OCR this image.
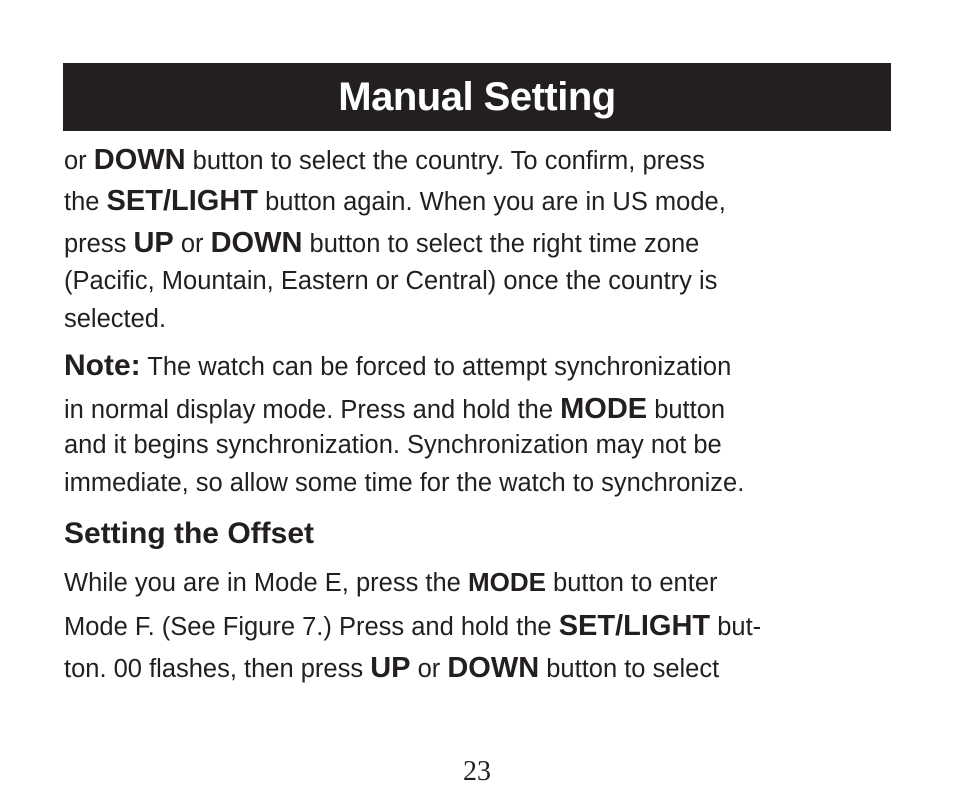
Manual Setting
or DOWN button to select the country. To confirm, press
the SET/LIGHT button again. When you are in US mode,
press UP or DOWN button to select the right time zone
(Pacific, Mountain, Eastern or Central) once the country is
selected.
Note: The watch can be forced to attempt synchronization
in normal display mode. Press and hold the MODE button
and it begins synchronization. Synchronization may not be
immediate, so allow some time for the watch to synchronize.
Setting the Offset
While you are in Mode E, press the MODE button to enter
Mode F. (See Figure 7.) Press and hold the SET/LIGHT but-
ton. 00 flashes, then press UP or DOWN button to select
23
